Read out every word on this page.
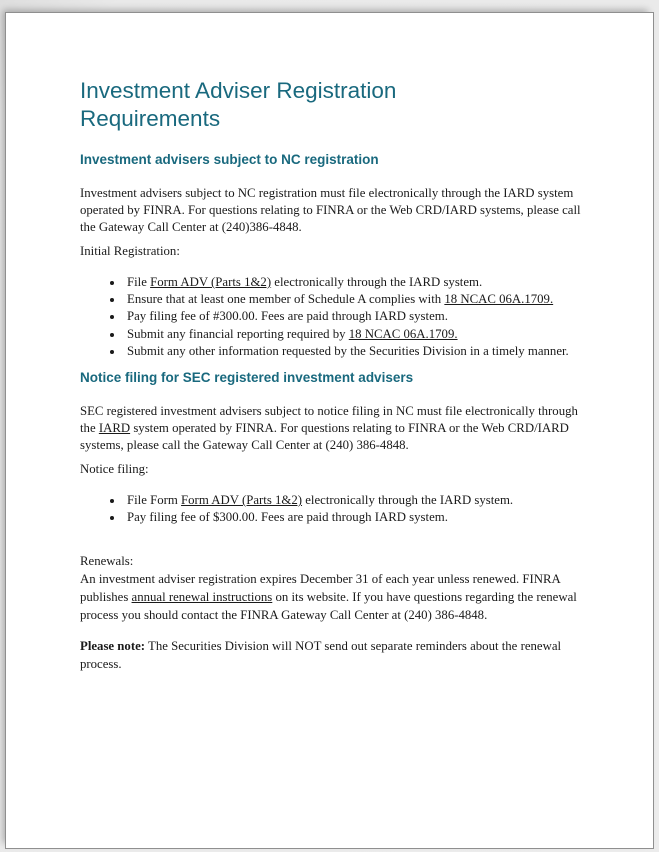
Investment Adviser Registration Requirements
Investment advisers subject to NC registration

Investment advisers subject to NC registration must file electronically through the IARD system operated by FINRA. For questions relating to FINRA or the Web CRD/IARD systems, please call the Gateway Call Center at (240)386-4848.

Initial Registration:

• File Form ADV (Parts 1&2) electronically through the IARD system.
• Ensure that at least one member of Schedule A complies with 18 NCAC 06A.1709.
• Pay filing fee of #300.00. Fees are paid through IARD system.
• Submit any financial reporting required by 18 NCAC 06A.1709.
• Submit any other information requested by the Securities Division in a timely manner.
Notice filing for SEC registered investment advisers

SEC registered investment advisers subject to notice filing in NC must file electronically through the IARD system operated by FINRA. For questions relating to FINRA or the Web CRD/IARD systems, please call the Gateway Call Center at (240) 386-4848.

Notice filing:

• File Form Form ADV (Parts 1&2) electronically through the IARD system.
• Pay filing fee of $300.00. Fees are paid through IARD system.

Renewals:

An investment adviser registration expires December 31 of each year unless renewed. FINRA publishes annual renewal instructions on its website. If you have questions regarding the renewal process you should contact the FINRA Gateway Call Center at (240) 386-4848.

Please note: The Securities Division will NOT send out separate reminders about the renewal process.
